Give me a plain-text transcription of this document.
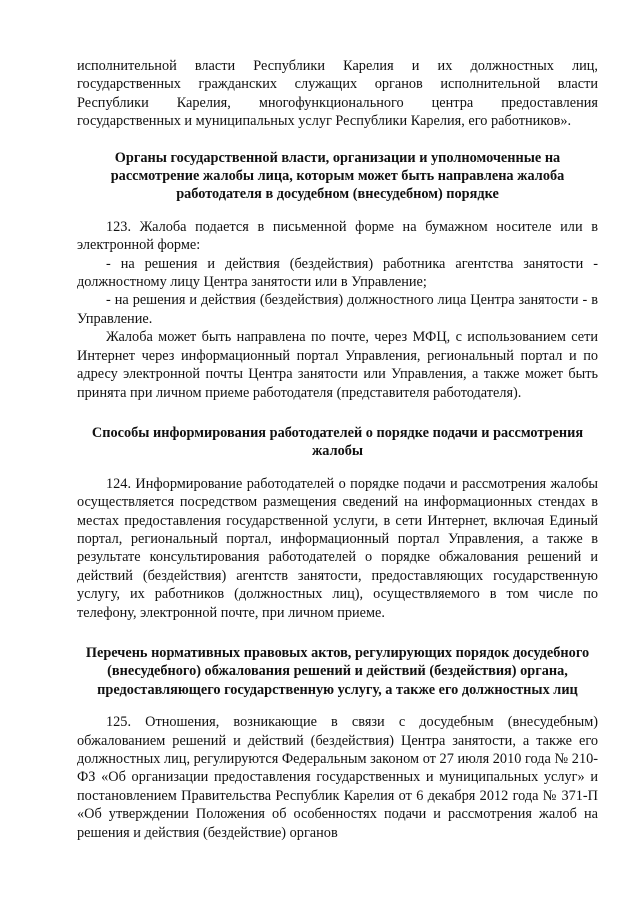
исполнительной власти Республики Карелия и их должностных лиц, государственных гражданских служащих органов исполнительной власти Республики Карелия, многофункционального центра предоставления государственных и муниципальных услуг Республики Карелия, его работников».

Органы государственной власти, организации и уполномоченные на рассмотрение жалобы лица, которым может быть направлена жалоба работодателя в досудебном (внесудебном) порядке

123. Жалоба подается в письменной форме на бумажном носителе или в электронной форме:

- на решения и действия (бездействия) работника агентства занятости - должностному лицу Центра занятости или в Управление;

- на решения и действия (бездействия) должностного лица Центра занятости - в Управление.

Жалоба может быть направлена по почте, через МФЦ, с использованием сети Интернет через информационный портал Управления, региональный портал и по адресу электронной почты Центра занятости или Управления, а также может быть принята при личном приеме работодателя (представителя работодателя).

Способы информирования работодателей о порядке подачи и рассмотрения жалобы

124. Информирование работодателей о порядке подачи и рассмотрения жалобы осуществляется посредством размещения сведений на информационных стендах в местах предоставления государственной услуги, в сети Интернет, включая Единый портал, региональный портал, информационный портал Управления, а также в результате консультирования работодателей о порядке обжалования решений и действий (бездействия) агентств занятости, предоставляющих государственную услугу, их работников (должностных лиц), осуществляемого в том числе по телефону, электронной почте, при личном приеме.

Перечень нормативных правовых актов, регулирующих порядок досудебного (внесудебного) обжалования решений и действий (бездействия) органа, предоставляющего государственную услугу, а также его должностных лиц

125. Отношения, возникающие в связи с досудебным (внесудебным) обжалованием решений и действий (бездействия) Центра занятости, а также его должностных лиц, регулируются Федеральным законом от 27 июля 2010 года № 210-ФЗ «Об организации предоставления государственных и муниципальных услуг» и постановлением Правительства Республик Карелия от 6 декабря 2012 года № 371-П «Об утверждении Положения об особенностях подачи и рассмотрения жалоб на решения и действия (бездействие) органов
